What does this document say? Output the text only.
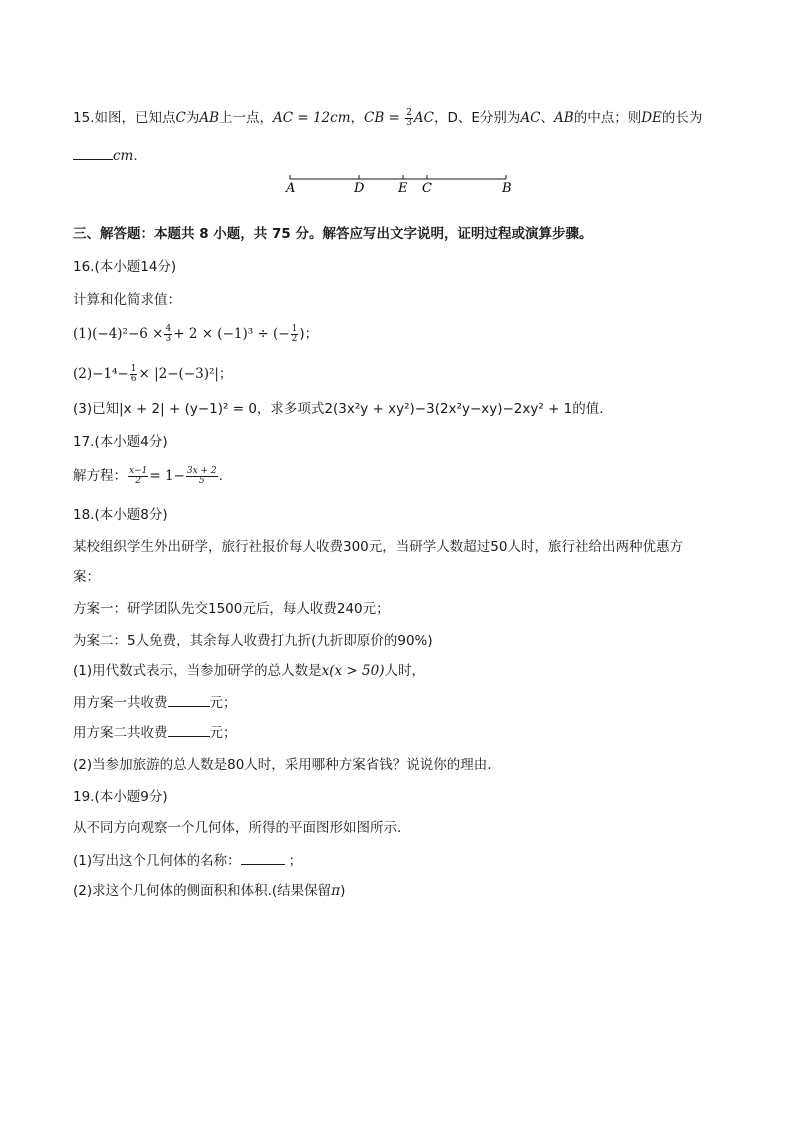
15.如图，已知点C为AB上一点，AC = 12cm，CB = $\frac{2}{3}$ AC，D、E分别为AC、AB的中点；则DE的长为
cm.
A	D	E C	B
三、解答题：本题共 8 小题，共 75 分。解答应写出文字说明，证明过程或演算步骤。
16.(本小题14分)
计算和化简求值：
$(1)(-4)^2-6 \times \frac{4}{3} + 2 \times (-1)^3$ ÷ (− $\frac{1}{2}$ )；
$(2)-1^4- \frac{1}{6} \times |2-(-3)^2|$；
(3)已知|x + 2| + (y−1)² = 0，求多项式2(3x²y + xy²)−3(2x²y−xy)−2xy² + 1的值.
17.(本小题4分)
解方程： $\frac{x-1}{2} = 1- \frac{3x + 2}{5}$ .
18.(本小题8分)
某校组织学生外出研学，旅行社报价每人收费300元，当研学人数超过50人时，旅行社给出两种优惠方
案：
方案一：研学团队先交1500元后，每人收费240元；
为案二：5人免费，其余每人收费打九折(九折即原价的90%)
(1)用代数式表示，当参加研学的总人数是x(x > 50)人时，
用方案一共收费	元；
用方案二共收费	元；
(2)当参加旅游的总人数是80人时，采用哪种方案省钱？说说你的理由.
19.(本小题9分)
从不同方向观察一个几何体，所得的平面图形如图所示.
(1)写出这个几何体的名称：	；
(2)求这个几何体的侧面积和体积.(结果保留π)
